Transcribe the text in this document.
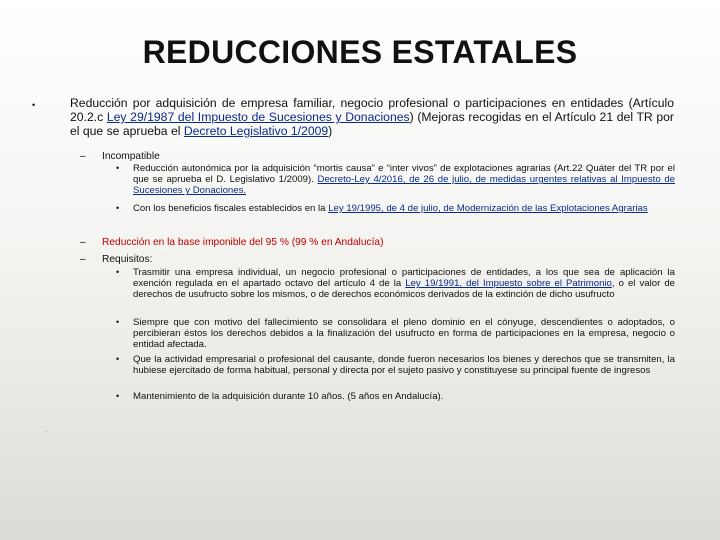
REDUCCIONES ESTATALES
•	Reducción por adquisición de empresa familiar, negocio profesional o participaciones en entidades (Artículo 20.2.c Ley 29/1987 del Impuesto de Sucesiones y Donaciones) (Mejoras recogidas en el Artículo 21 del TR por el que se aprueba el Decreto Legislativo 1/2009)
– Incompatible
• Reducción autonómica por la adquisición “mortis causa” e “inter vivos” de explotaciones agrarias (Art.22 Quáter del TR por el que se aprueba el D. Legislativo 1/2009). Decreto-Ley 4/2016, de 26 de julio, de medidas urgentes relativas al Impuesto de Sucesiones y Donaciones.
• Con los beneficios fiscales establecidos en la Ley 19/1995, de 4 de julio, de Modernización de las Explotaciones Agrarias
– Reducción en la base imponible del 95 % (99 % en Andalucía)
– Requisitos:
• Trasmitir una empresa individual, un negocio profesional o participaciones de entidades, a los que sea de aplicación la exención regulada en el apartado octavo del artículo 4 de la Ley 19/1991, del Impuesto sobre el Patrimonio, o el valor de derechos de usufructo sobre los mismos, o de derechos económicos derivados de la extinción de dicho usufructo
• Siempre que con motivo del fallecimiento se consolidara el pleno dominio en el cónyuge, descendientes o adoptados, o percibieran éstos los derechos debidos a la finalización del usufructo en forma de participaciones en la empresa, negocio o entidad afectada.
• Que la actividad empresarial o profesional del causante, donde fueron necesarios los bienes y derechos que se transmiten, la hubiese ejercitado de forma habitual, personal y directa por el sujeto pasivo y constituyese su principal fuente de ingresos
• Mantenimiento de la adquisición durante 10 años. (5 años en Andalucía).
.
